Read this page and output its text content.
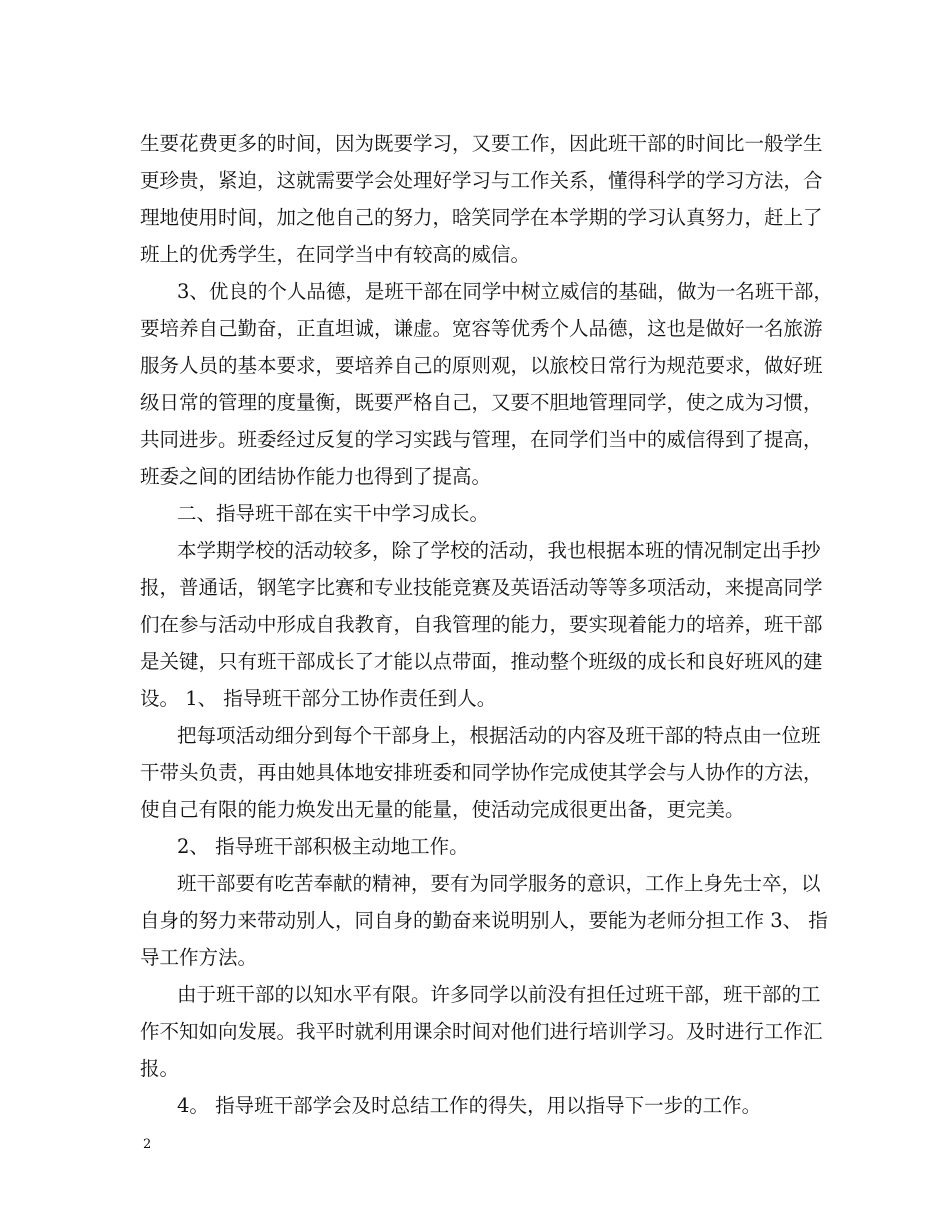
生要花费更多的时间，因为既要学习，又要工作，因此班干部的时间比一般学生
更珍贵，紧迫，这就需要学会处理好学习与工作关系，懂得科学的学习方法，合
理地使用时间，加之他自己的努力，晗笑同学在本学期的学习认真努力，赶上了
班上的优秀学生，在同学当中有较高的威信。
3、优良的个人品德，是班干部在同学中树立威信的基础，做为一名班干部，
要培养自己勤奋，正直坦诚，谦虚。宽容等优秀个人品德，这也是做好一名旅游
服务人员的基本要求，要培养自己的原则观，以旅校日常行为规范要求，做好班
级日常的管理的度量衡，既要严格自己，又要不胆地管理同学，使之成为习惯，
共同进步。班委经过反复的学习实践与管理，在同学们当中的威信得到了提高，
班委之间的团结协作能力也得到了提高。
二、指导班干部在实干中学习成长。
本学期学校的活动较多，除了学校的活动，我也根据本班的情况制定出手抄
报，普通话，钢笔字比赛和专业技能竞赛及英语活动等等多项活动，来提高同学
们在参与活动中形成自我教育，自我管理的能力，要实现着能力的培养，班干部
是关键，只有班干部成长了才能以点带面，推动整个班级的成长和良好班风的建
设。 1、 指导班干部分工协作责任到人。
把每项活动细分到每个干部身上，根据活动的内容及班干部的特点由一位班
干带头负责，再由她具体地安排班委和同学协作完成使其学会与人协作的方法，
使自己有限的能力焕发出无量的能量，使活动完成很更出备，更完美。
2、 指导班干部积极主动地工作。
班干部要有吃苦奉献的精神，要有为同学服务的意识，工作上身先士卒，以
自身的努力来带动别人，同自身的勤奋来说明别人，要能为老师分担工作 3、 指
导工作方法。
由于班干部的以知水平有限。许多同学以前没有担任过班干部，班干部的工
作不知如向发展。我平时就利用课余时间对他们进行培训学习。及时进行工作汇
报。
4。 指导班干部学会及时总结工作的得失，用以指导下一步的工作。
2
